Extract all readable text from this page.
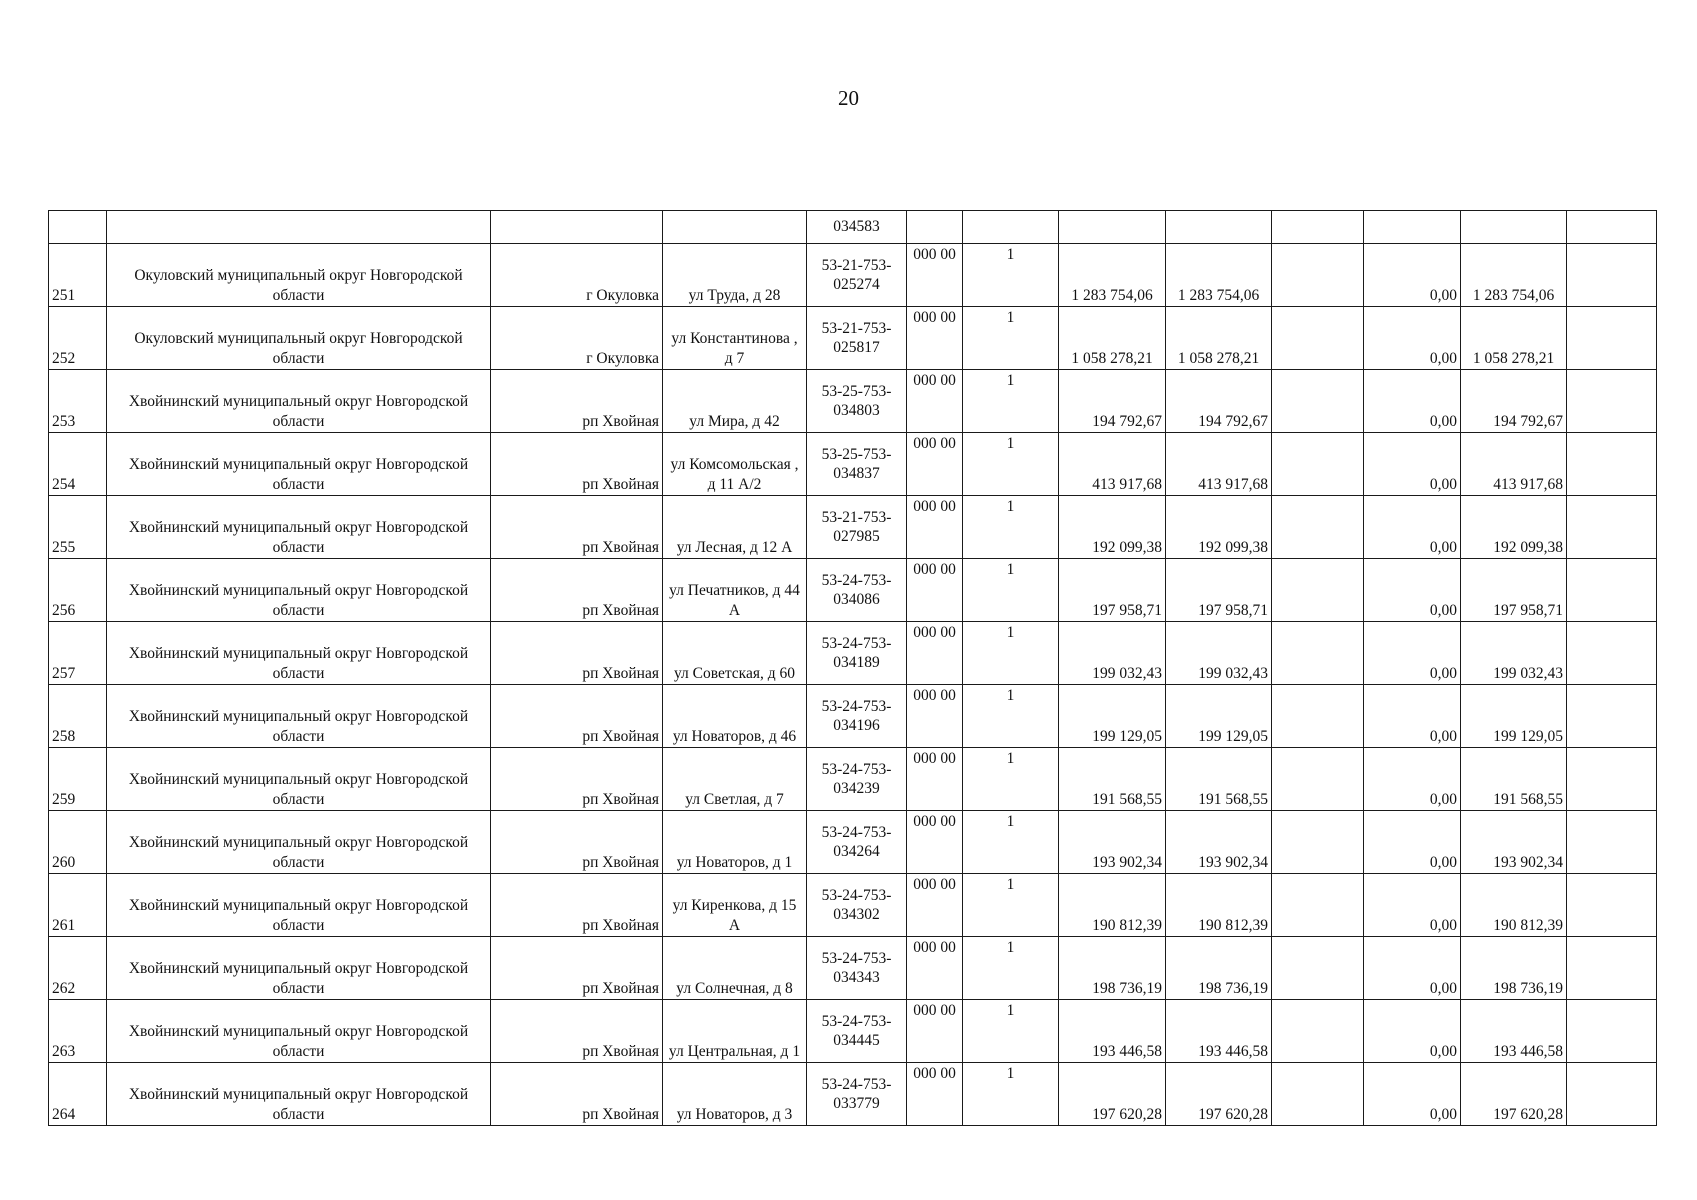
20
				034583								
251	Окуловский муниципальный округ Новгородской области	г Окуловка	ул Труда, д 28	53-21-753-025274	000 00	1	1 283 754,06	1 283 754,06		0,00	1 283 754,06	
252	Окуловский муниципальный округ Новгородской области	г Окуловка	ул Константинова , д 7	53-21-753-025817	000 00	1	1 058 278,21	1 058 278,21		0,00	1 058 278,21	
253	Хвойнинский муниципальный округ Новгородской области	рп Хвойная	ул Мира, д 42	53-25-753-034803	000 00	1	194 792,67	194 792,67		0,00	194 792,67	
254	Хвойнинский муниципальный округ Новгородской области	рп Хвойная	ул Комсомольская , д 11 А/2	53-25-753-034837	000 00	1	413 917,68	413 917,68		0,00	413 917,68	
255	Хвойнинский муниципальный округ Новгородской области	рп Хвойная	ул Лесная, д 12 А	53-21-753-027985	000 00	1	192 099,38	192 099,38		0,00	192 099,38	
256	Хвойнинский муниципальный округ Новгородской области	рп Хвойная	ул Печатников, д 44 А	53-24-753-034086	000 00	1	197 958,71	197 958,71		0,00	197 958,71	
257	Хвойнинский муниципальный округ Новгородской области	рп Хвойная	ул Советская, д 60	53-24-753-034189	000 00	1	199 032,43	199 032,43		0,00	199 032,43	
258	Хвойнинский муниципальный округ Новгородской области	рп Хвойная	ул Новаторов, д 46	53-24-753-034196	000 00	1	199 129,05	199 129,05		0,00	199 129,05	
259	Хвойнинский муниципальный округ Новгородской области	рп Хвойная	ул Светлая, д 7	53-24-753-034239	000 00	1	191 568,55	191 568,55		0,00	191 568,55	
260	Хвойнинский муниципальный округ Новгородской области	рп Хвойная	ул Новаторов, д 1	53-24-753-034264	000 00	1	193 902,34	193 902,34		0,00	193 902,34	
261	Хвойнинский муниципальный округ Новгородской области	рп Хвойная	ул Киренкова, д 15 А	53-24-753-034302	000 00	1	190 812,39	190 812,39		0,00	190 812,39	
262	Хвойнинский муниципальный округ Новгородской области	рп Хвойная	ул Солнечная, д 8	53-24-753-034343	000 00	1	198 736,19	198 736,19		0,00	198 736,19	
263	Хвойнинский муниципальный округ Новгородской области	рп Хвойная	ул Центральная, д 1	53-24-753-034445	000 00	1	193 446,58	193 446,58		0,00	193 446,58	
264	Хвойнинский муниципальный округ Новгородской области	рп Хвойная	ул Новаторов, д 3	53-24-753-033779	000 00	1	197 620,28	197 620,28		0,00	197 620,28	
